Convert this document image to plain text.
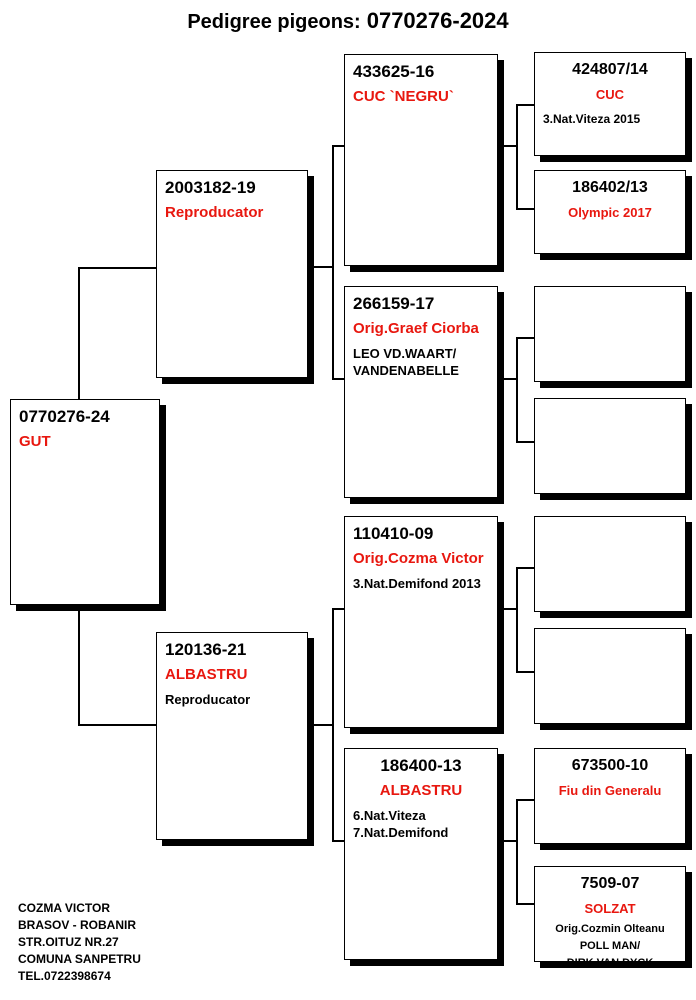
Pedigree pigeons: 0770276-2024
0770276-24
GUT
2003182-19
Reproducator
120136-21
ALBASTRU
Reproducator
433625-16
CUC `NEGRU`
266159-17
Orig.Graef Ciorba
LEO VD.WAART/
VANDENABELLE
110410-09
Orig.Cozma Victor
3.Nat.Demifond 2013
186400-13
ALBASTRU
6.Nat.Viteza
7.Nat.Demifond
424807/14
CUC
3.Nat.Viteza 2015
186402/13
Olympic 2017
673500-10
Fiu din Generalu
7509-07
SOLZAT
Orig.Cozmin Olteanu
POLL MAN/
DIRK VAN DYCK
COZMA VICTOR
BRASOV - ROBANIR
STR.OITUZ NR.27
COMUNA SANPETRU
TEL.0722398674
